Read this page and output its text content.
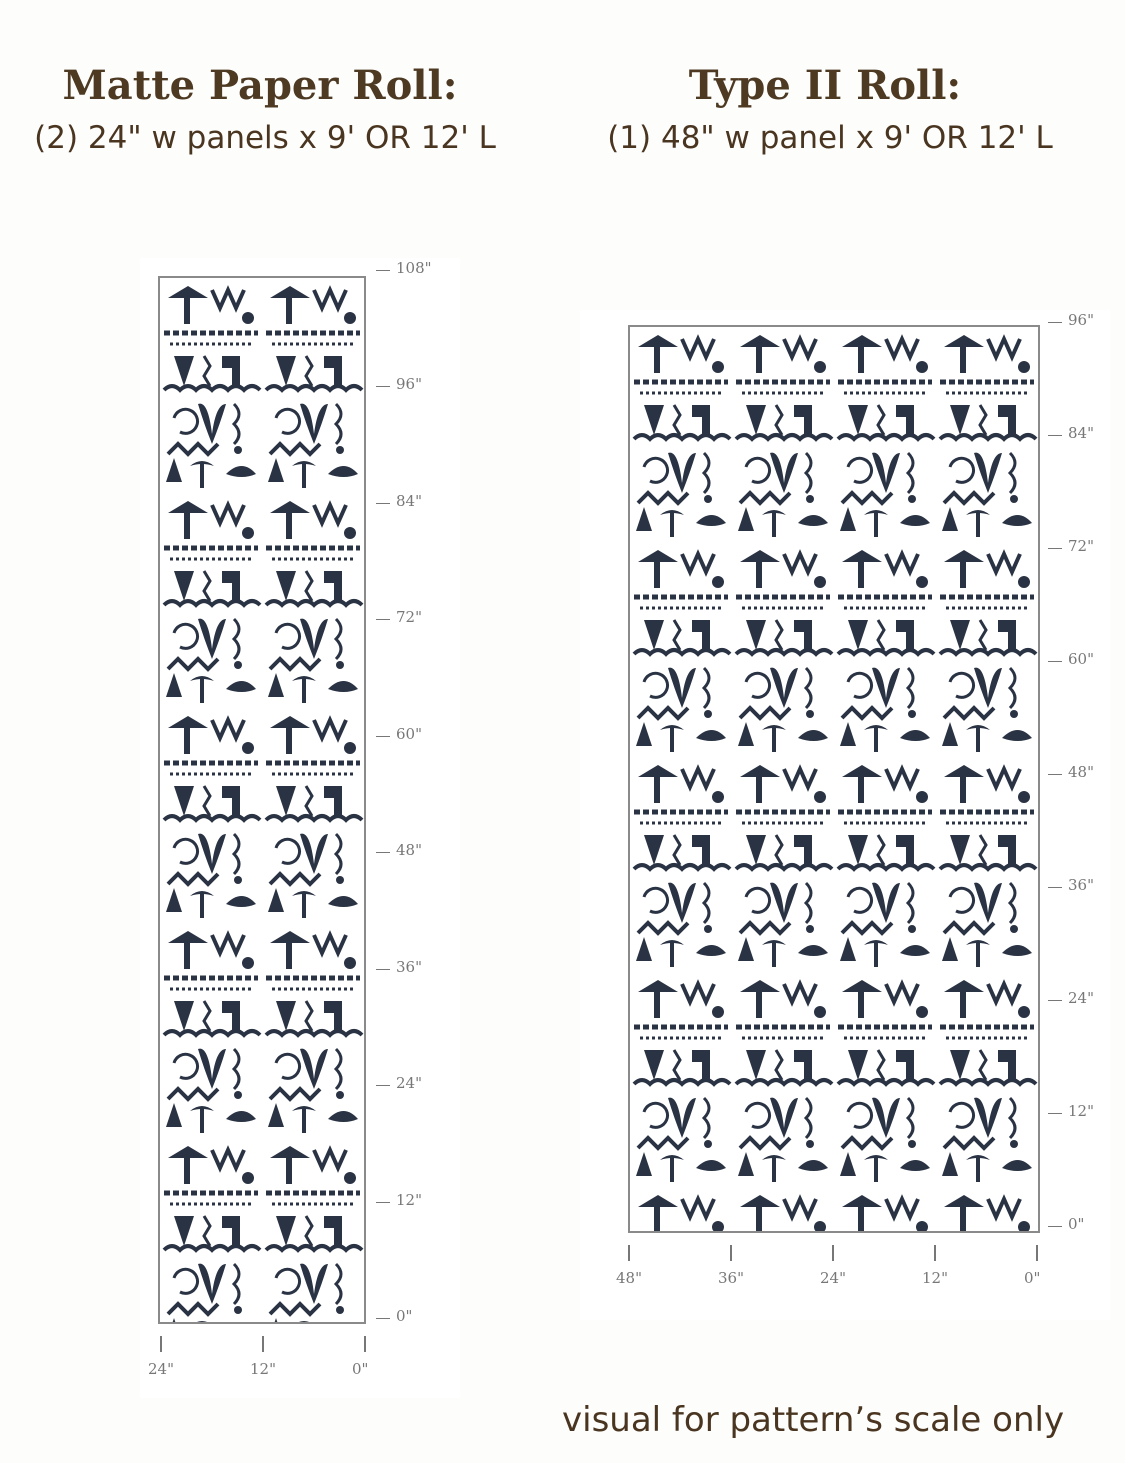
Matte Paper Roll:

(2) 24" w panels x 9' OR 12' L

Type II Roll:

(1) 48" w panel x 9' OR 12' L

108"
96"
84"
72"
60"
48"
36"
24"
12"
0"
24"	12"	0"
96"
84"
72"
60"
48"
36"
24"
12"
0"
48"	36"	24"	12"	0"

visual for pattern’s scale only
